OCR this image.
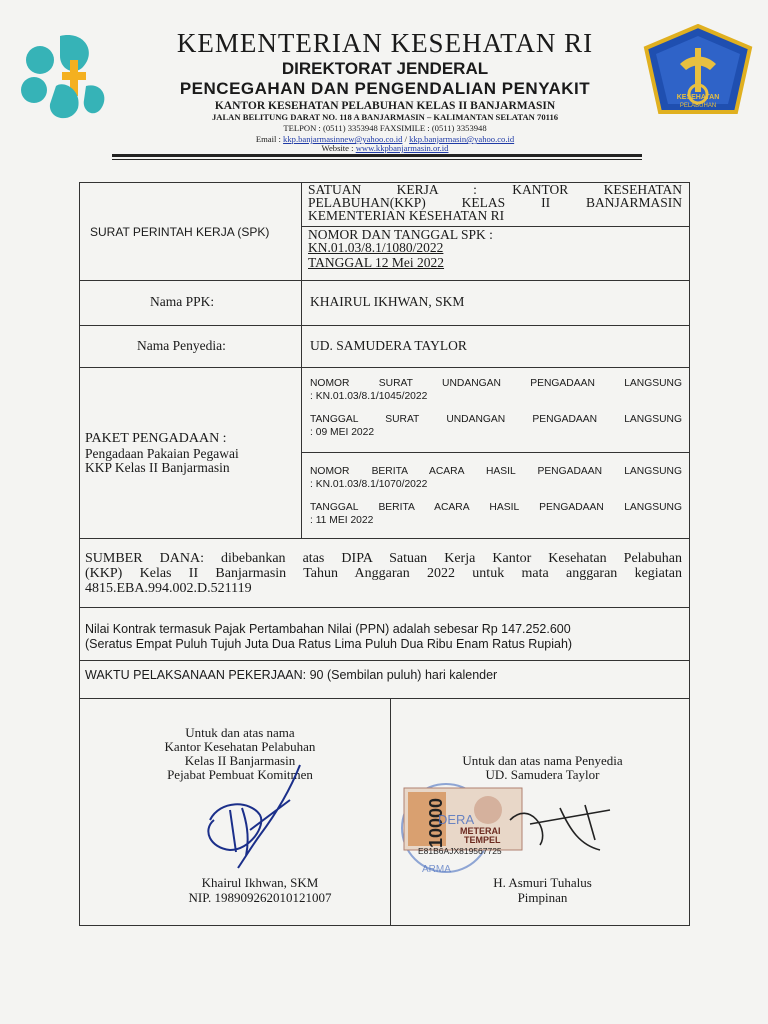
KESEHATAN
PELABUHAN
KEMENTERIAN KESEHATAN RI
DIREKTORAT JENDERAL
PENCEGAHAN DAN PENGENDALIAN PENYAKIT
KANTOR KESEHATAN PELABUHAN KELAS II BANJARMASIN
JALAN BELITUNG DARAT NO. 118 A BANJARMASIN – KALIMANTAN SELATAN 70116
TELPON : (0511) 3353948 FAXSIMILE : (0511) 3353948
Email : kkp.banjarmasinnew@yahoo.co.id / kkp.banjarmasin@yahoo.co.id
Website : www.kkpbanjarmasin.or.id
SURAT PERINTAH KERJA (SPK)
SATUAN KERJA : KANTOR KESEHATAN
PELABUHAN(KKP) KELAS II BANJARMASIN
KEMENTERIAN KESEHATAN RI
NOMOR DAN TANGGAL SPK :
KN.01.03/8.1/1080/2022
TANGGAL 12 Mei 2022
Nama PPK:	KHAIRUL IKHWAN, SKM
Nama Penyedia:	UD. SAMUDERA TAYLOR
PAKET PENGADAAN :
Pengadaan Pakaian Pegawai
KKP Kelas II Banjarmasin
NOMOR SURAT UNDANGAN PENGADAAN LANGSUNG
: KN.01.03/8.1/1045/2022
TANGGAL SURAT UNDANGAN PENGADAAN LANGSUNG
: 09 MEI 2022
NOMOR BERITA ACARA HASIL PENGADAAN LANGSUNG
: KN.01.03/8.1/1070/2022
TANGGAL BERITA ACARA HASIL PENGADAAN LANGSUNG
: 11 MEI 2022
SUMBER DANA: dibebankan atas DIPA Satuan Kerja Kantor Kesehatan Pelabuhan
(KKP) Kelas II Banjarmasin Tahun Anggaran 2022 untuk mata anggaran kegiatan
4815.EBA.994.002.D.521119
Nilai Kontrak termasuk Pajak Pertambahan Nilai (PPN) adalah sebesar Rp 147.252.600
(Seratus Empat Puluh Tujuh Juta Dua Ratus Lima Puluh Dua Ribu Enam Ratus Rupiah)
WAKTU PELAKSANAAN PEKERJAAN: 90 (Sembilan puluh) hari kalender
Untuk dan atas nama
Kantor Kesehatan Pelabuhan
Kelas II Banjarmasin
Pejabat Pembuat Komitmen
Khairul Ikhwan, SKM
NIP. 198909262010121007
Untuk dan atas nama Penyedia
UD. Samudera Taylor
10000
DERA
METERAI
TEMPEL
E81B6AJX819567725
ARMA
H. Asmuri Tuhalus
Pimpinan
